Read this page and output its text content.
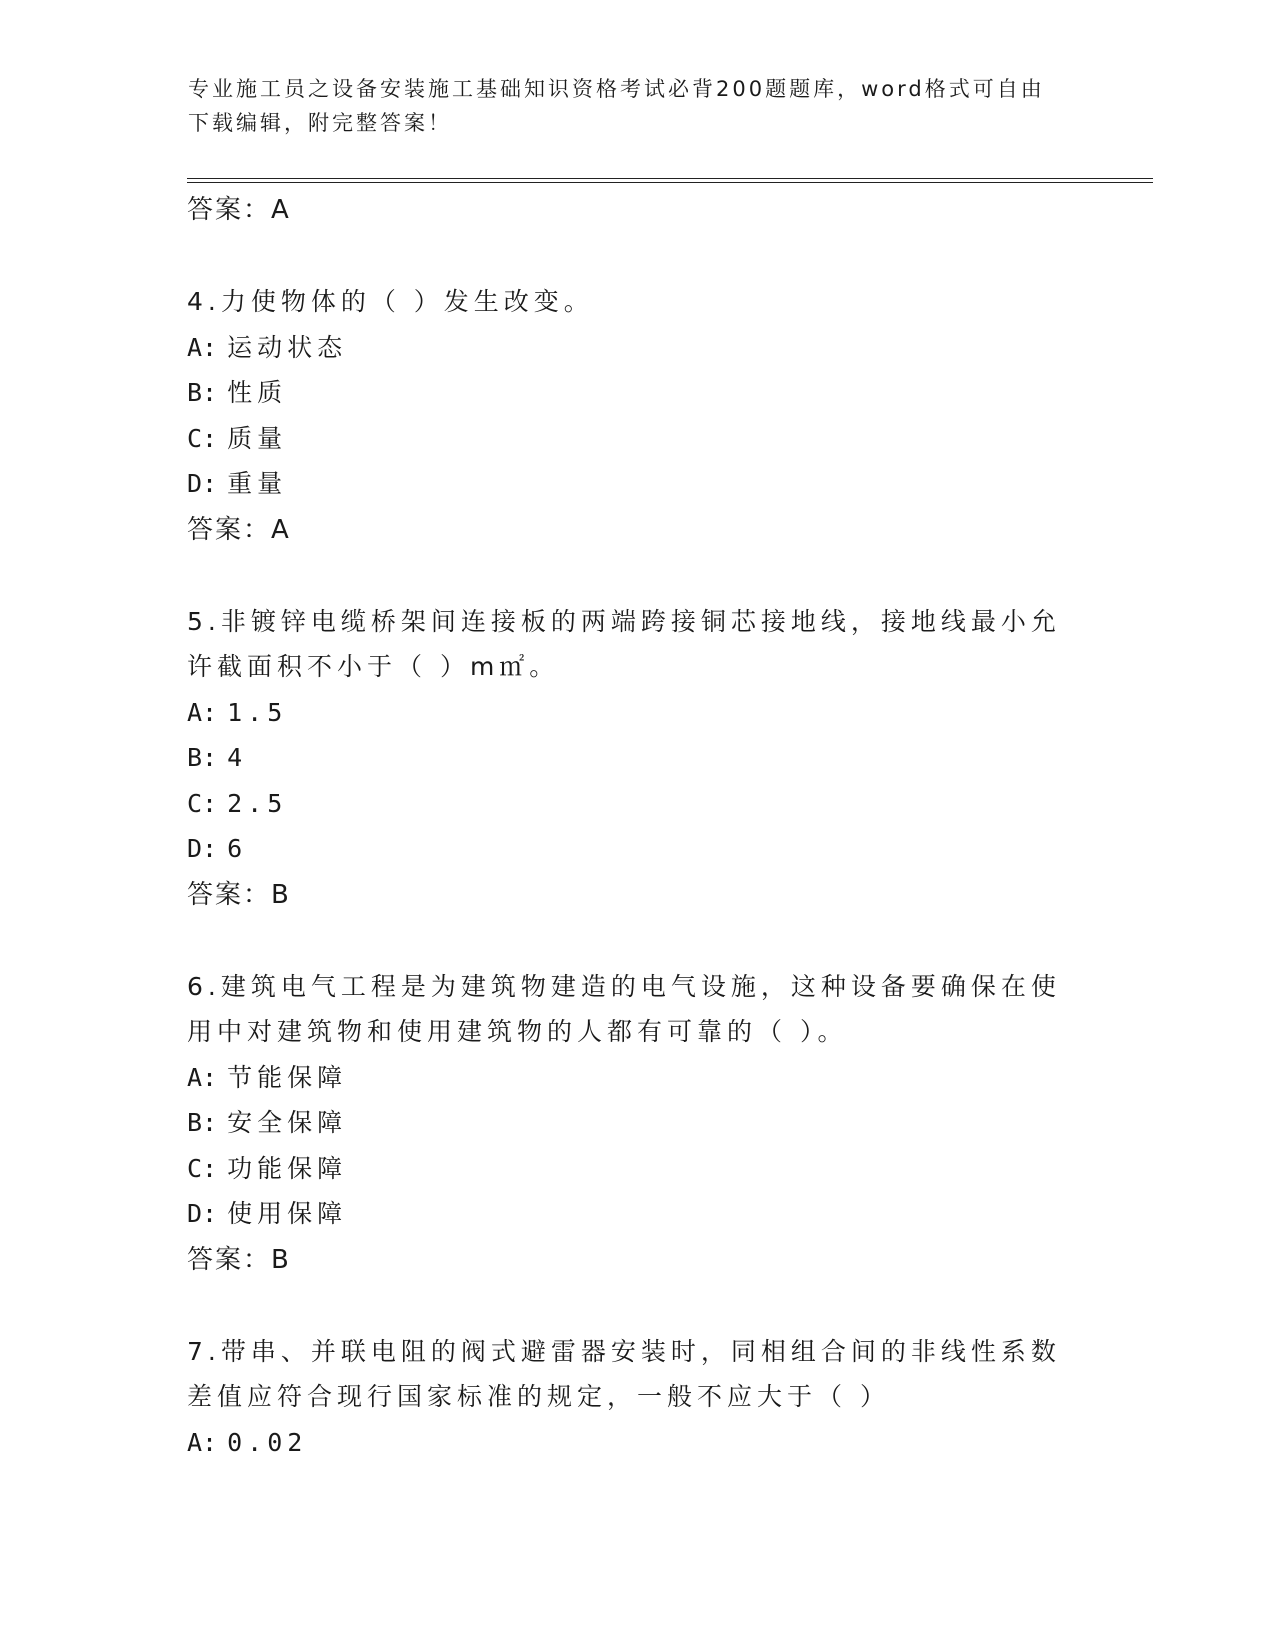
专业施工员之设备安装施工基础知识资格考试必背200题题库，word格式可自由下载编辑，附完整答案！
答案：A
4.力使物体的（ ）发生改变。
A: 运动状态
B: 性质
C: 质量
D: 重量
答案：A
5.非镀锌电缆桥架间连接板的两端跨接铜芯接地线，接地线最小允许截面积不小于（ ）m㎡。
A: 1.5
B: 4
C: 2.5
D: 6
答案：B
6.建筑电气工程是为建筑物建造的电气设施，这种设备要确保在使用中对建筑物和使用建筑物的人都有可靠的（ ）。
A: 节能保障
B: 安全保障
C: 功能保障
D: 使用保障
答案：B
7.带串、并联电阻的阀式避雷器安装时，同相组合间的非线性系数差值应符合现行国家标准的规定，一般不应大于（ ）
A: 0.02
